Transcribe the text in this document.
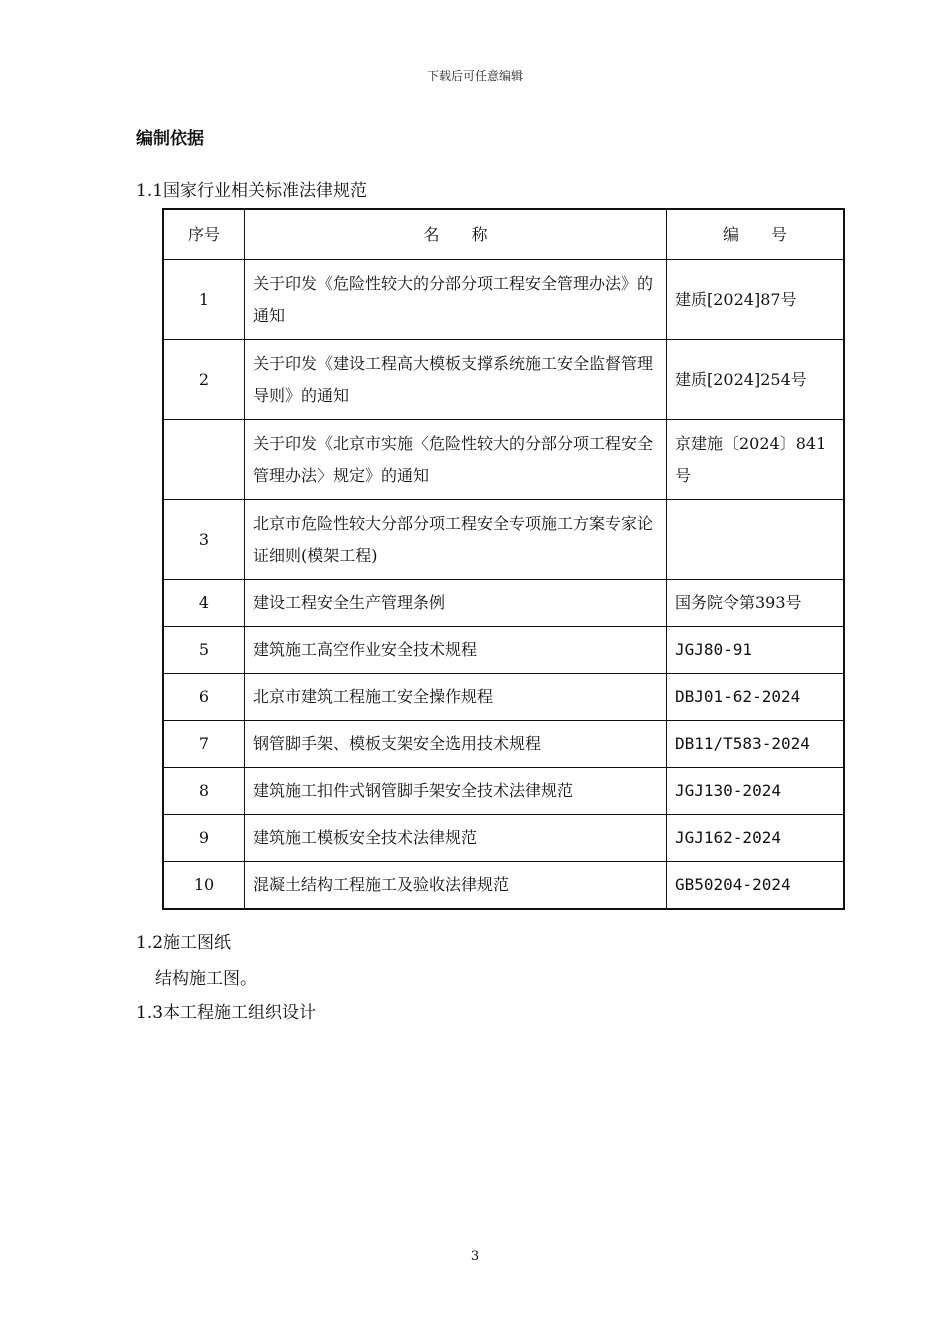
下载后可任意编辑
编制依据
1.1国家行业相关标准法律规范
序号	名　　称	编　　号
1	关于印发《危险性较大的分部分项工程安全管理办法》的通知	建质[2024]87号
2	关于印发《建设工程高大模板支撑系统施工安全监督管理导则》的通知	建质[2024]254号
	关于印发《北京市实施〈危险性较大的分部分项工程安全管理办法〉规定》的通知	京建施〔2024〕841号
3	北京市危险性较大分部分项工程安全专项施工方案专家论证细则(模架工程)	
4	建设工程安全生产管理条例	国务院令第393号
5	建筑施工高空作业安全技术规程	JGJ80-91
6	北京市建筑工程施工安全操作规程	DBJ01-62-2024
7	钢管脚手架、模板支架安全选用技术规程	DB11/T583-2024
8	建筑施工扣件式钢管脚手架安全技术法律规范	JGJ130-2024
9	建筑施工模板安全技术法律规范	JGJ162-2024
10	混凝土结构工程施工及验收法律规范	GB50204-2024
1.2施工图纸
结构施工图。
1.3本工程施工组织设计
3
